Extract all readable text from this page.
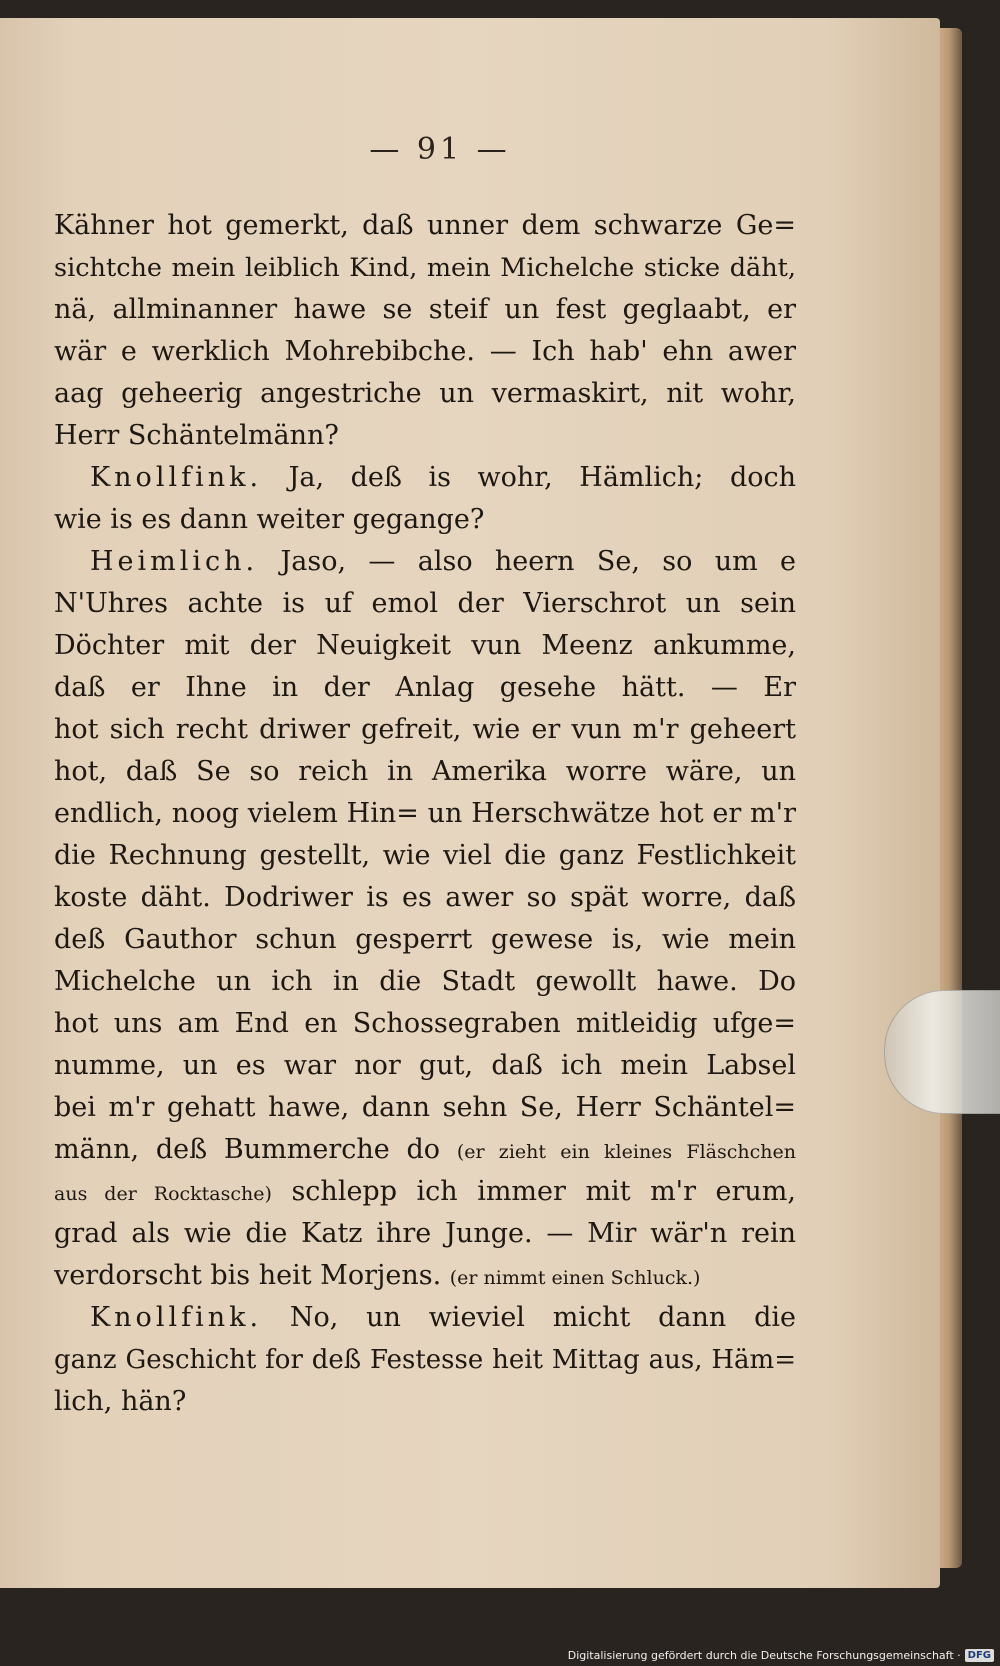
— 91 —
Kähner hot gemerkt, daß unner dem schwarze Ge=
sichtche mein leiblich Kind, mein Michelche sticke däht,
nä, allminanner hawe se steif un fest geglaabt, er
wär e werklich Mohrebibche. — Ich hab' ehn awer
aag geheerig angestriche un vermaskirt, nit wohr,
Herr Schäntelmänn?
Knollfink. Ja, deß is wohr, Hämlich; doch
wie is es dann weiter gegange?
Heimlich. Jaso, — also heern Se, so um e
N'Uhres achte is uf emol der Vierschrot un sein
Döchter mit der Neuigkeit vun Meenz ankumme,
daß er Ihne in der Anlag gesehe hätt. — Er
hot sich recht driwer gefreit, wie er vun m'r geheert
hot, daß Se so reich in Amerika worre wäre, un
endlich, noog vielem Hin= un Herschwätze hot er m'r
die Rechnung gestellt, wie viel die ganz Festlichkeit
koste däht. Dodriwer is es awer so spät worre, daß
deß Gauthor schun gesperrt gewese is, wie mein
Michelche un ich in die Stadt gewollt hawe. Do
hot uns am End en Schossegraben mitleidig ufge=
numme, un es war nor gut, daß ich mein Labsel
bei m'r gehatt hawe, dann sehn Se, Herr Schäntel=
männ, deß Bummerche do (er zieht ein kleines Fläschchen
aus der Rocktasche) schlepp ich immer mit m'r erum,
grad als wie die Katz ihre Junge. — Mir wär'n rein
verdorscht bis heit Morjens. (er nimmt einen Schluck.)
Knollfink. No, un wieviel micht dann die
ganz Geschicht for deß Festesse heit Mittag aus, Häm=
lich, hän?
Digitalisierung gefördert durch die Deutsche Forschungsgemeinschaft · DFG
